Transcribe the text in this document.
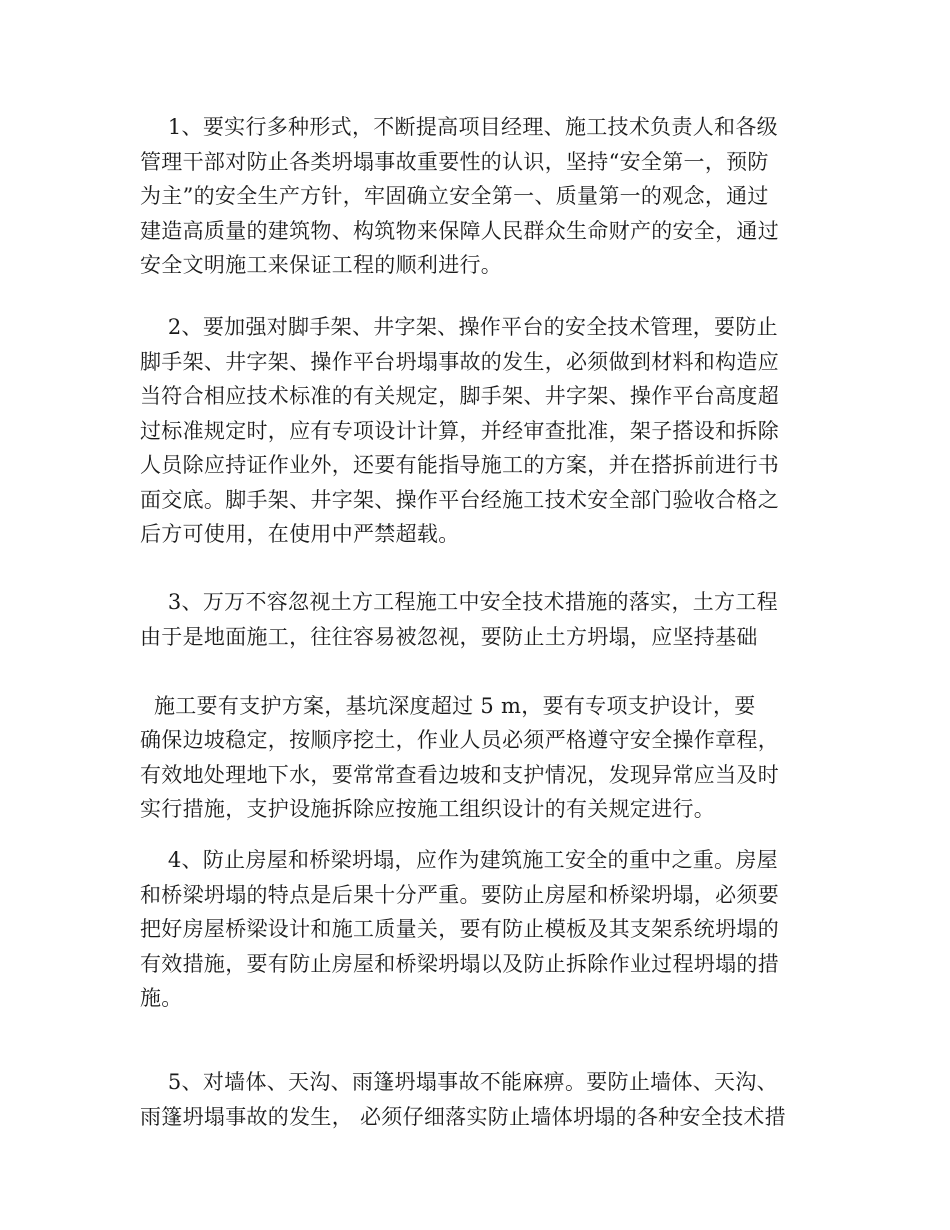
1、要实行多种形式，不断提高项目经理、施工技术负责人和各级
管理干部对防止各类坍塌事故重要性的认识，坚持“安全第一，预防
为主”的安全生产方针，牢固确立安全第一、质量第一的观念，通过
建造高质量的建筑物、构筑物来保障人民群众生命财产的安全，通过
安全文明施工来保证工程的顺利进行。
2、要加强对脚手架、井字架、操作平台的安全技术管理，要防止
脚手架、井字架、操作平台坍塌事故的发生，必须做到材料和构造应
当符合相应技术标准的有关规定，脚手架、井字架、操作平台高度超
过标准规定时，应有专项设计计算，并经审查批准，架子搭设和拆除
人员除应持证作业外，还要有能指导施工的方案，并在搭拆前进行书
面交底。脚手架、井字架、操作平台经施工技术安全部门验收合格之
后方可使用，在使用中严禁超载。
3、万万不容忽视土方工程施工中安全技术措施的落实，土方工程
由于是地面施工，往往容易被忽视，要防止土方坍塌，应坚持基础
施工要有支护方案，基坑深度超过 5 m，要有专项支护设计，要
确保边坡稳定，按顺序挖土，作业人员必须严格遵守安全操作章程，
有效地处理地下水，要常常查看边坡和支护情况，发现异常应当及时
实行措施，支护设施拆除应按施工组织设计的有关规定进行。
4、防止房屋和桥梁坍塌，应作为建筑施工安全的重中之重。房屋
和桥梁坍塌的特点是后果十分严重。要防止房屋和桥梁坍塌，必须要
把好房屋桥梁设计和施工质量关，要有防止模板及其支架系统坍塌的
有效措施，要有防止房屋和桥梁坍塌以及防止拆除作业过程坍塌的措
施。
5、对墙体、天沟、雨篷坍塌事故不能麻痹。要防止墙体、天沟、
雨篷坍塌事故的发生， 必须仔细落实防止墙体坍塌的各种安全技术措
